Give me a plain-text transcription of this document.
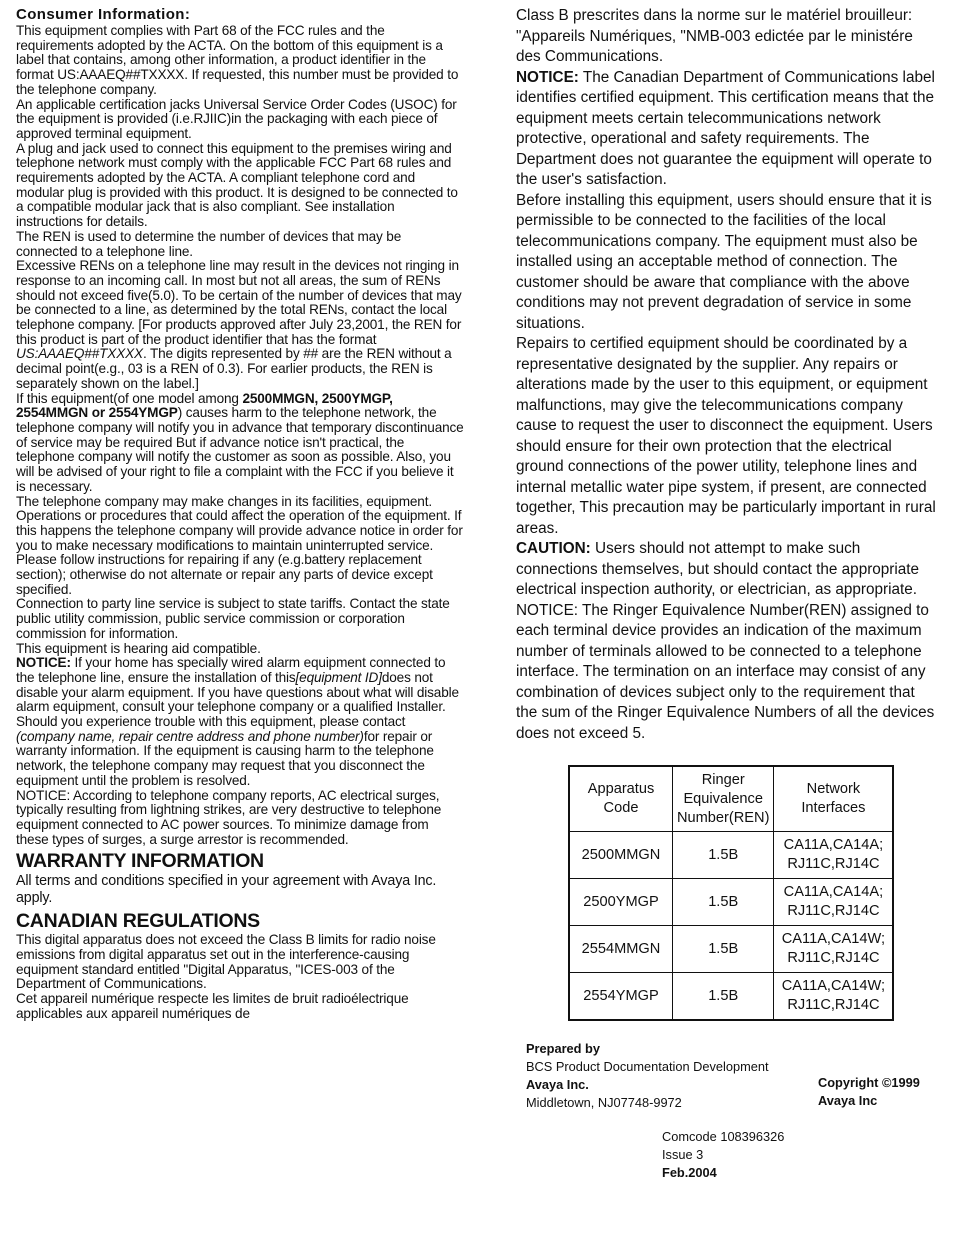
Consumer Information:

This equipment complies with Part 68 of the FCC rules and the requirements adopted by the ACTA. On the bottom of this equipment is a label that contains, among other information, a product identifier in the format US:AAAEQ##TXXXX. If requested, this number must be provided to the telephone company.

An applicable certification jacks Universal Service Order Codes (USOC) for the equipment is provided (i.e.RJIIC)in the packaging with each piece of approved terminal equipment.

A plug and jack used to connect this equipment to the premises wiring and telephone network must comply with the applicable FCC Part 68 rules and requirements adopted by the ACTA. A compliant telephone cord and modular plug is provided with this product. It is designed to be connected to a compatible modular jack that is also compliant. See installation instructions for details.

The REN is used to determine the number of devices that may be connected to a telephone line.

Excessive RENs on a telephone line may result in the devices not ringing in response to an incoming call. In most but not all areas, the sum of RENs should not exceed five(5.0). To be certain of the number of devices that may be connected to a line, as determined by the total RENs, contact the local telephone company. [For products approved after July 23,2001, the REN for this product is part of the product identifier that has the format US:AAAEQ##TXXXX. The digits represented by ## are the REN without a decimal point(e.g., 03 is a REN of 0.3). For earlier products, the REN is separately shown on the label.]

If this equipment(of one model among 2500MMGN, 2500YMGP, 2554MMGN or 2554YMGP) causes harm to the telephone network, the telephone company will notify you in advance that temporary discontinuance of service may be required But if advance notice isn't practical, the telephone company will notify the customer as soon as possible. Also, you will be advised of your right to file a complaint with the FCC if you believe it is necessary.

The telephone company may make changes in its facilities, equipment. Operations or procedures that could affect the operation of the equipment. If this happens the telephone company will provide advance notice in order for you to make necessary modifications to maintain uninterrupted service.

Please follow instructions for repairing if any (e.g.battery replacement section); otherwise do not alternate or repair any parts of device except specified.

Connection to party line service is subject to state tariffs. Contact the state public utility commission, public service commission or corporation commission for information.

This equipment is hearing aid compatible.

NOTICE: If your home has specially wired alarm equipment connected to the telephone line, ensure the installation of this[equipment ID]does not disable your alarm equipment. If you have questions about what will disable alarm equipment, consult your telephone company or a qualified Installer.

Should you experience trouble with this equipment, please contact (company name, repair centre address and phone number)for repair or warranty information. If the equipment is causing harm to the telephone network, the telephone company may request that you disconnect the equipment until the problem is resolved.

NOTICE: According to telephone company reports, AC electrical surges, typically resulting from lightning strikes, are very destructive to telephone equipment connected to AC power sources. To minimize damage from these types of surges, a surge arrestor is recommended.

WARRANTY INFORMATION

All terms and conditions specified in your agreement with Avaya Inc. apply.

CANADIAN REGULATIONS

This digital apparatus does not exceed the Class B limits for radio noise emissions from digital apparatus set out in the interference-causing equipment standard entitled "Digital Apparatus, "ICES-003 of the Department of Communications.

Cet appareil numérique respecte les limites de bruit radioélectrique applicables aux appareil numériques de

Class B prescrites dans la norme sur le matériel brouilleur: "Appareils Numériques, "NMB-003 edictée par le ministére des Communications.

NOTICE: The Canadian Department of Communications label identifies certified equipment. This certification means that the equipment meets certain telecommunications network protective, operational and safety requirements. The Department does not guarantee the equipment will operate to the user's satisfaction.

Before installing this equipment, users should ensure that it is permissible to be connected to the facilities of the local telecommunications company. The equipment must also be installed using an acceptable method of connection. The customer should be aware that compliance with the above conditions may not prevent degradation of service in some situations.

Repairs to certified equipment should be coordinated by a representative designated by the supplier. Any repairs or alterations made by the user to this equipment, or equipment malfunctions, may give the telecommunications company cause to request the user to disconnect the equipment. Users should ensure for their own protection that the electrical ground connections of the power utility, telephone lines and internal metallic water pipe system, if present, are connected together, This precaution may be particularly important in rural areas.

CAUTION: Users should not attempt to make such connections themselves, but should contact the appropriate electrical inspection authority, or electrician, as appropriate.

NOTICE: The Ringer Equivalence Number(REN) assigned to each terminal device provides an indication of the maximum number of terminals allowed to be connected to a telephone interface. The termination on an interface may consist of any combination of devices subject only to the requirement that the sum of the Ringer Equivalence Numbers of all the devices does not exceed 5.

Apparatus Code	Ringer Equivalence Number(REN)	Network Interfaces
2500MMGN	1.5B	CA11A,CA14A; RJ11C,RJ14C
2500YMGP	1.5B	CA11A,CA14A; RJ11C,RJ14C
2554MMGN	1.5B	CA11A,CA14W; RJ11C,RJ14C
2554YMGP	1.5B	CA11A,CA14W; RJ11C,RJ14C
Prepared by
BCS Product Documentation Development
Avaya Inc.
Middletown, NJ07748-9972
Copyright ©1999
Avaya Inc
Comcode 108396326
Issue 3
Feb.2004
